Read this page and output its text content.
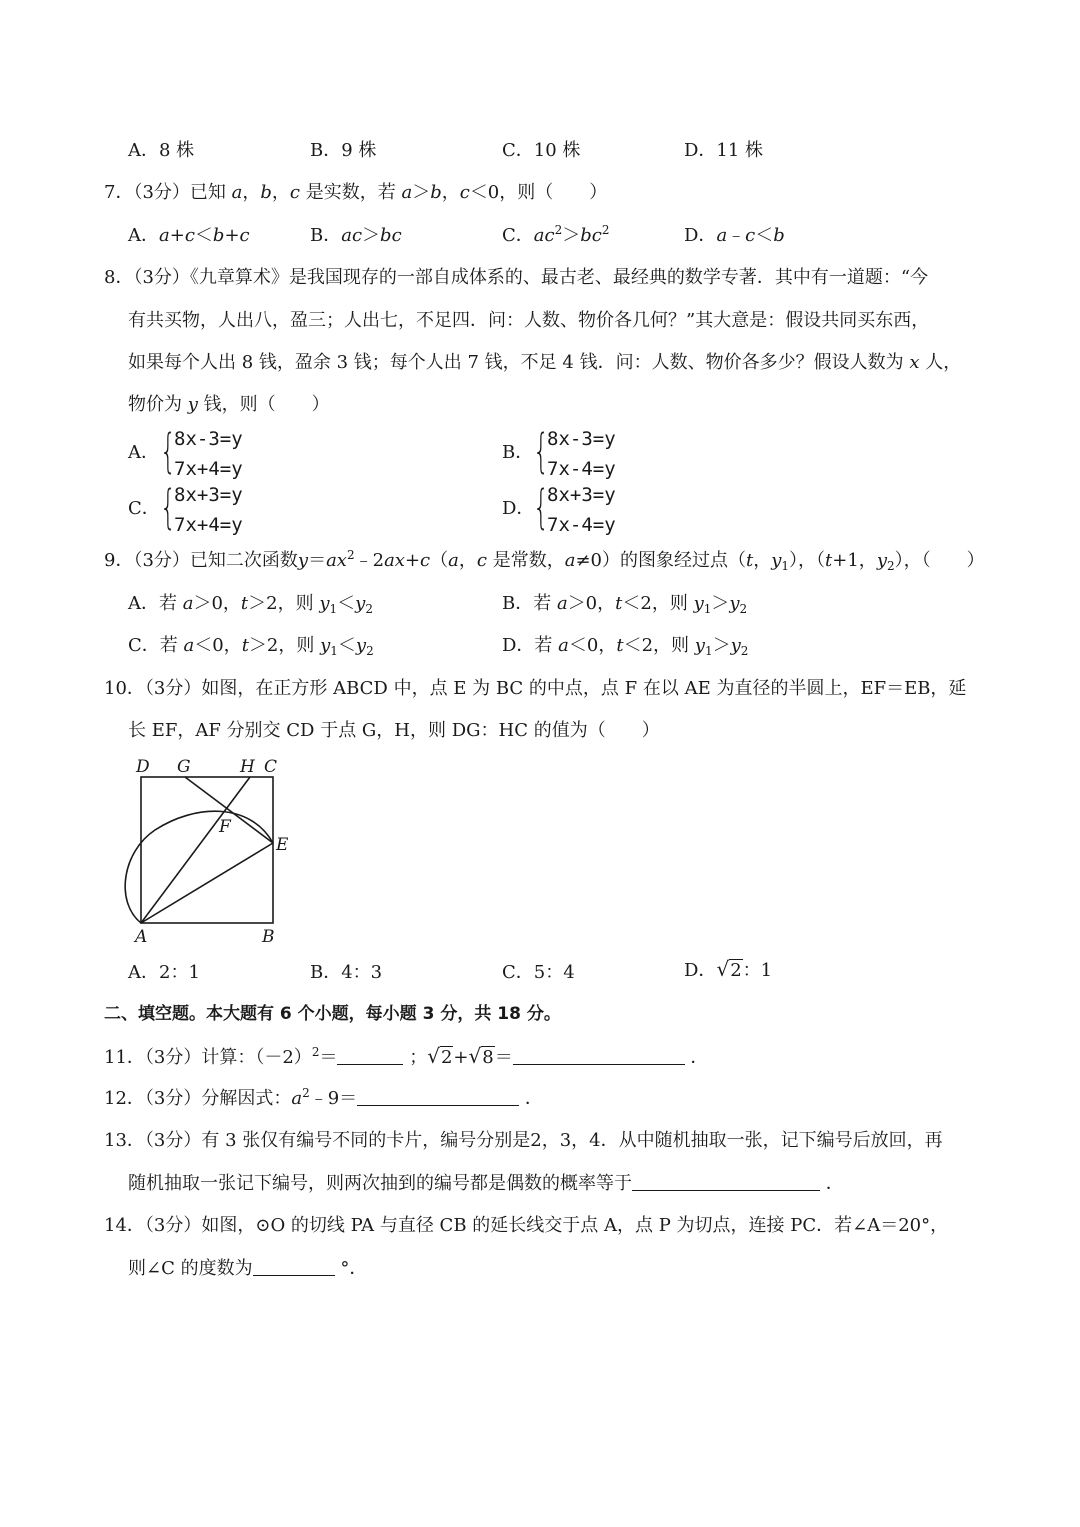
A．8 株	B．9 株	C．10 株	D．11 株
7．（3分）已知 a，b，c 是实数，若 a＞b，c＜0，则（　　）
A．a+c＜b+c	B．ac＞bc	C．$ac^2>bc^2$	D．a﹣c＜b
8．（3分）《九章算术》是我国现存的一部自成体系的、最古老、最经典的数学专著．其中有一道题：“今
有共买物，人出八，盈三；人出七，不足四．问：人数、物价各几何？”其大意是：假设共同买东西，
如果每个人出 8 钱，盈余 3 钱；每个人出 7 钱，不足 4 钱．问：人数、物价各多少？假设人数为 x 人，
物价为 y 钱，则（　　）
A． {
8x-3=y
7x+4=y
B． {
8x-3=y
7x-4=y
C． {
8x+3=y
7x+4=y
D．
{
8x+3=y
7x-4=y
9．（3分）已知二次函数$y=ax^2﹣2ax+c(a$，c 是常数，a≠0）的图象经过点（t，$y_1$），（t+1，$y_2$），（　　）
A．若 a＞0，t＞2，则 $y_1<y_2$	B．若 a＞0，t＜2，则 $y_1>y_2$
C．若 a＜0，t＞2，则 $y_1<y_2$	D．若 a＜0，t＜2，则 $y_1>y_2$
10．（3分）如图，在正方形 ABCD 中，点 E 为 BC 的中点，点 F 在以 AE 为直径的半圆上，EF＝EB，延
长 EF，AF 分别交 CD 于点 G，H，则 DG：HC 的值为（　　）
D G	H C
F
E
A	B
A．2：1	B．4：3	C．5：4	D．√2：1
二、填空题。本大题有 6 个小题，每小题 3 分，共 18 分。
11．（3分）计算：$(-2)^2=$	；√2+√8＝	．
12．（3分）分解因式：$a^2﹣9=$	．
13．（3分）有 3 张仅有编号不同的卡片，编号分别是2，3，4．从中随机抽取一张，记下编号后放回，再
随机抽取一张记下编号，则两次抽到的编号都是偶数的概率等于	．
14．（3分）如图，⊙O 的切线 PA 与直径 CB 的延长线交于点 A，点 P 为切点，连接 PC．若∠A＝20°，
则∠C 的度数为	°．
